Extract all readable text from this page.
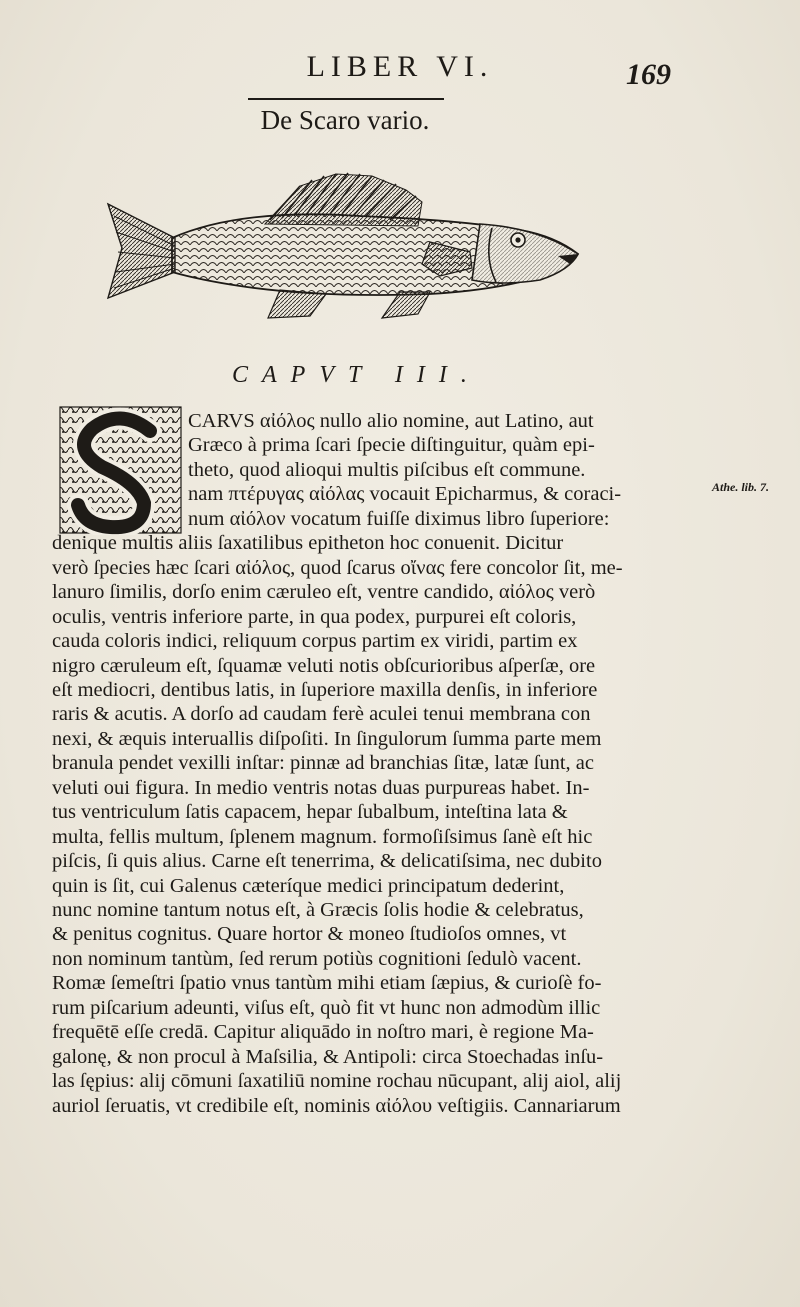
LIBER VI.	169
De Scaro vario.
CAPVT III.
CARVS αἰόλος nullo alio nomine, aut Latino, aut
Græco à prima ſcari ſpecie diſtinguitur, quàm epi-
theto, quod alioqui multis piſcibus eſt commune.
nam πτέρυγας αἰόλας vocauit Epicharmus, & coraci-
num αἰόλον vocatum fuiſſe diximus libro ſuperiore:
denique multis aliis ſaxatilibus epitheton hoc conuenit. Dicitur
verò ſpecies hæc ſcari αἰόλος, quod ſcarus οἴνας fere concolor ſit, me-
lanuro ſimilis, dorſo enim cæruleo eſt, ventre candido, αἰόλος verò
oculis, ventris inferiore parte, in qua podex, purpurei eſt coloris,
cauda coloris indici, reliquum corpus partim ex viridi, partim ex
nigro cæruleum eſt, ſquamæ veluti notis obſcurioribus aſperſæ, ore
eſt mediocri, dentibus latis, in ſuperiore maxilla denſis, in inferiore
raris & acutis. A dorſo ad caudam ferè aculei tenui membrana con
nexi, & æquis interuallis diſpoſiti. In ſingulorum ſumma parte mem
branula pendet vexilli inſtar: pinnæ ad branchias ſitæ, latæ ſunt, ac
veluti oui figura. In medio ventris notas duas purpureas habet. In-
tus ventriculum ſatis capacem, hepar ſubalbum, inteſtina lata &
multa, fellis multum, ſplenem magnum. formoſiſsimus ſanè eſt hic
piſcis, ſi quis alius. Carne eſt tenerrima, & delicatiſsima, nec dubito
quin is ſit, cui Galenus cæteríque medici principatum dederint,
nunc nomine tantum notus eſt, à Græcis ſolis hodie & celebratus,
& penitus cognitus. Quare hortor & moneo ſtudioſos omnes, vt
non nominum tantùm, ſed rerum potiùs cognitioni ſedulò vacent.
Romæ ſemeſtri ſpatio vnus tantùm mihi etiam ſæpius, & curioſè fo-
rum piſcarium adeunti, viſus eſt, quò fit vt hunc non admodùm illic
frequētē eſſe credā. Capitur aliquādo in noſtro mari, è regione Ma-
galonę, & non procul à Maſsilia, & Antipoli: circa Stoechadas inſu-
las ſępius: alij cōmuni ſaxatiliū nomine rochau nūcupant, alij aiol, alij
auriol ſeruatis, vt credibile eſt, nominis αἰόλου veſtigiis. Cannariarum
Athe. lib. 7.
